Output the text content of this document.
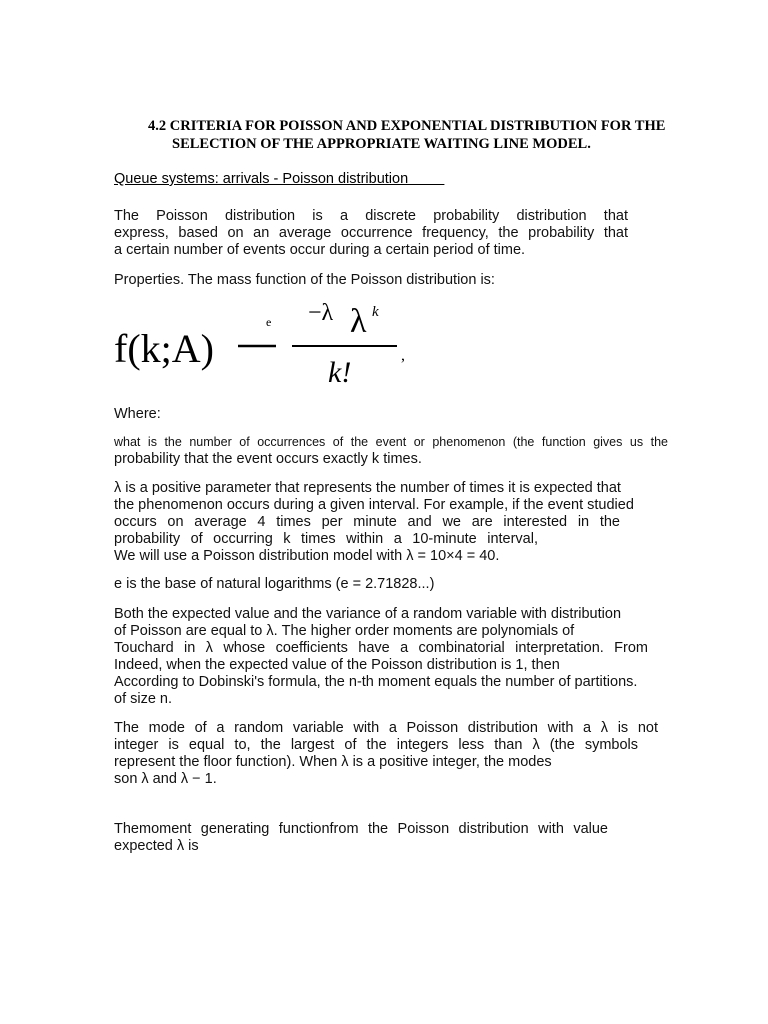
4.2 CRITERIA FOR POISSON AND EXPONENTIAL DISTRIBUTION FOR THE
SELECTION OF THE APPROPRIATE WAITING LINE MODEL.
Queue systems: arrivals - Poisson distribution
The Poisson distribution is a discrete probability distribution that
express, based on an average occurrence frequency, the probability that
a certain number of events occur during a certain period of time.
Properties. The mass function of the Poisson distribution is:
f(k;A)
e −λ λ k
k!
,
Where:
what is the number of occurrences of the event or phenomenon (the function gives us the
probability that the event occurs exactly k times.
λ is a positive parameter that represents the number of times it is expected that
the phenomenon occurs during a given interval. For example, if the event studied
occurs on average 4 times per minute and we are interested in the
probability of occurring k times within a 10-minute interval,
We will use a Poisson distribution model with λ = 10×4 = 40.
e is the base of natural logarithms (e = 2.71828...)
Both the expected value and the variance of a random variable with distribution
of Poisson are equal to λ. The higher order moments are polynomials of
Touchard in λ whose coefficients have a combinatorial interpretation. From
Indeed, when the expected value of the Poisson distribution is 1, then
According to Dobinski's formula, the n-th moment equals the number of partitions.
of size n.
The mode of a random variable with a Poisson distribution with a λ is not
integer is equal to, the largest of the integers less than λ (the symbols
represent the floor function). When λ is a positive integer, the modes
son λ and λ − 1.
Themoment generating functionfrom the Poisson distribution with value
expected λ is
